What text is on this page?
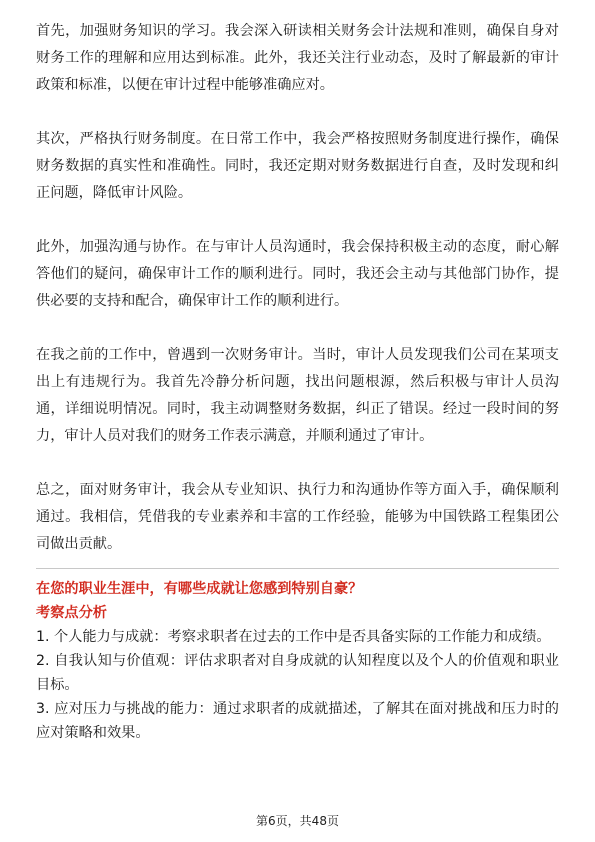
首先，加强财务知识的学习。我会深入研读相关财务会计法规和准则，确保自身对财务工作的理解和应用达到标准。此外，我还关注行业动态，及时了解最新的审计政策和标准，以便在审计过程中能够准确应对。

其次，严格执行财务制度。在日常工作中，我会严格按照财务制度进行操作，确保财务数据的真实性和准确性。同时，我还定期对财务数据进行自查，及时发现和纠正问题，降低审计风险。

此外，加强沟通与协作。在与审计人员沟通时，我会保持积极主动的态度，耐心解答他们的疑问，确保审计工作的顺利进行。同时，我还会主动与其他部门协作，提供必要的支持和配合，确保审计工作的顺利进行。

在我之前的工作中，曾遇到一次财务审计。当时，审计人员发现我们公司在某项支出上有违规行为。我首先冷静分析问题，找出问题根源，然后积极与审计人员沟通，详细说明情况。同时，我主动调整财务数据，纠正了错误。经过一段时间的努力，审计人员对我们的财务工作表示满意，并顺利通过了审计。

总之，面对财务审计，我会从专业知识、执行力和沟通协作等方面入手，确保顺利通过。我相信，凭借我的专业素养和丰富的工作经验，能够为中国铁路工程集团公司做出贡献。

在您的职业生涯中，有哪些成就让您感到特别自豪？

考察点分析

1. 个人能力与成就：考察求职者在过去的工作中是否具备实际的工作能力和成绩。

2. 自我认知与价值观：评估求职者对自身成就的认知程度以及个人的价值观和职业目标。

3. 应对压力与挑战的能力：通过求职者的成就描述，了解其在面对挑战和压力时的应对策略和效果。

第6页，共48页
